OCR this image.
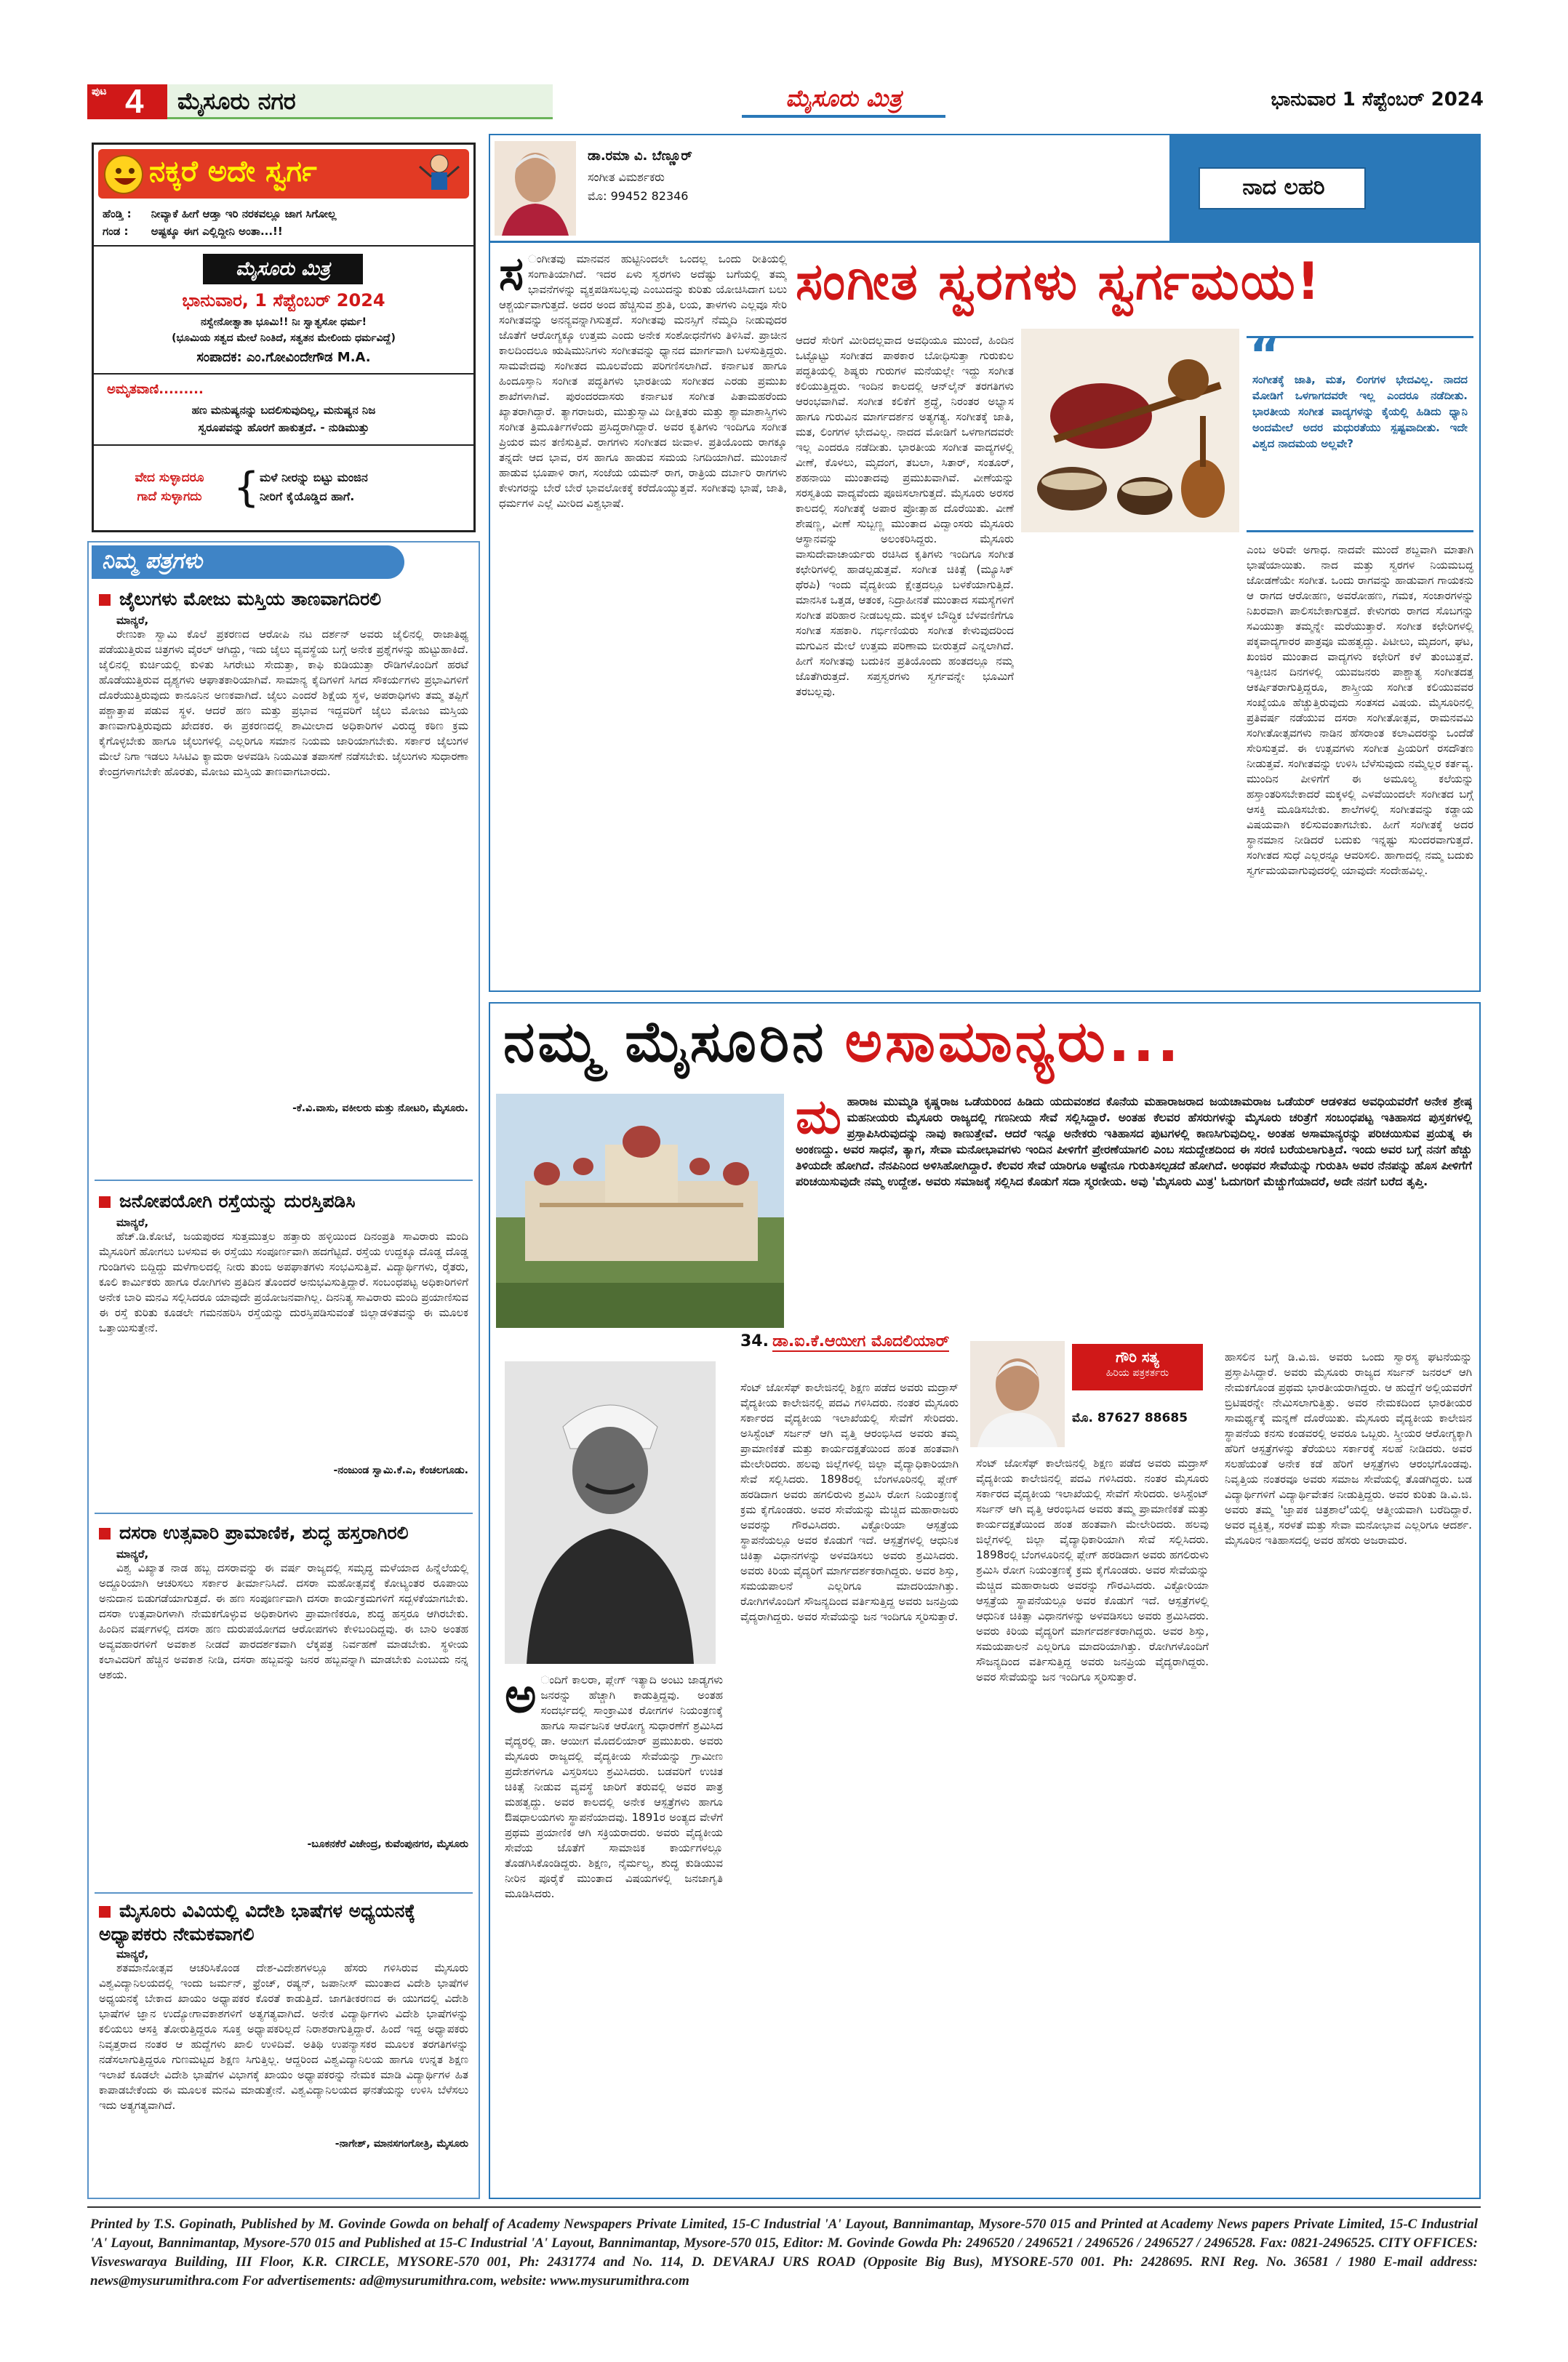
ಪುಟ 4 ಮೈಸೂರು ನಗರ	ಮೈಸೂರು ಮಿತ್ರ	ಭಾನುವಾರ 1 ಸೆಪ್ಟೆಂಬರ್ 2024
ನಕ್ಕರೆ ಅದೇ ಸ್ವರ್ಗ
ಹೆಂಡ್ತಿ : ನೀವ್ಯಾಕೆ ಹೀಗೆ ಆಡ್ತಾ ಇರಿ ನರಕವಲ್ಲೂ ಜಾಗ ಸಿಗೋಲ್ಲ
ಗಂಡ : ಅಷ್ಟಕ್ಕೂ ಈಗ ಎಲ್ಲಿದ್ದೀನಿ ಅಂತಾ...!!
ಮೈಸೂರು ಮಿತ್ರ
ಭಾನುವಾರ, 1 ಸೆಪ್ಟೆಂಬರ್ 2024
ನಸ್ವೇನೋತ್ವಾತಾ ಭೂಮಿ!! ನಿಃ ಸ್ವಾತ್ವಸೋ ಧರ್ಮ!
(ಭೂಮಿಯ ಸತ್ವದ ಮೇಲೆ ನಿಂತಿದೆ, ಸತ್ವತನ ಮೇಲಿಂದು ಧರ್ಮವಿದ್ದೆ)
ಸಂಪಾದಕ: ಎಂ.ಗೋವಿಂದೇಗೌಡ M.A.
ಅಮೃತವಾಣಿ.........
ಹಣ ಮನುಷ್ಯನನ್ನು ಬದಲಿಸುವುದಿಲ್ಲ, ಮನುಷ್ಯನ ನಿಜ
ಸ್ವರೂಪವನ್ನು ಹೊರಗೆ ಹಾಕುತ್ತದೆ. - ನುಡಿಮುತ್ತು
ವೇದ ಸುಳ್ಳಾದರೂ
ಗಾದೆ ಸುಳ್ಳಾಗದು { ಮಳೆ ನೀರನ್ನು ಬಿಟ್ಟು ಮಂಜಿನ
ನೀರಿಗೆ ಕೈಯೊಡ್ಡಿದ ಹಾಗೆ.
ನಿಮ್ಮ ಪತ್ರಗಳು
ಜೈಲುಗಳು ಮೋಜು ಮಸ್ತಿಯ ತಾಣವಾಗದಿರಲಿ
ಮಾನ್ಯರೆ,
ರೇಣುಕಾ ಸ್ವಾಮಿ ಕೊಲೆ ಪ್ರಕರಣದ ಆರೋಪಿ ನಟ ದರ್ಶನ್ ಅವರು ಜೈಲಿನಲ್ಲಿ ರಾಜಾತಿಥ್ಯ ಪಡೆಯುತ್ತಿರುವ ಚಿತ್ರಗಳು ವೈರಲ್ ಆಗಿದ್ದು, ಇದು ಜೈಲು ವ್ಯವಸ್ಥೆಯ ಬಗ್ಗೆ ಅನೇಕ ಪ್ರಶ್ನೆಗಳನ್ನು ಹುಟ್ಟುಹಾಕಿದೆ. ಜೈಲಿನಲ್ಲಿ ಕುರ್ಚಿಯಲ್ಲಿ ಕುಳಿತು ಸಿಗರೇಟು ಸೇದುತ್ತಾ, ಕಾಫಿ ಕುಡಿಯುತ್ತಾ ರೌಡಿಗಳೊಂದಿಗೆ ಹರಟೆ ಹೊಡೆಯುತ್ತಿರುವ ದೃಶ್ಯಗಳು ಆಘಾತಕಾರಿಯಾಗಿವೆ. ಸಾಮಾನ್ಯ ಕೈದಿಗಳಿಗೆ ಸಿಗದ ಸೌಕರ್ಯಗಳು ಪ್ರಭಾವಿಗಳಿಗೆ ದೊರೆಯುತ್ತಿರುವುದು ಕಾನೂನಿನ ಅಣಕವಾಗಿದೆ. ಜೈಲು ಎಂದರೆ ಶಿಕ್ಷೆಯ ಸ್ಥಳ, ಅಪರಾಧಿಗಳು ತಮ್ಮ ತಪ್ಪಿಗೆ ಪಶ್ಚಾತ್ತಾಪ ಪಡುವ ಸ್ಥಳ. ಆದರೆ ಹಣ ಮತ್ತು ಪ್ರಭಾವ ಇದ್ದವರಿಗೆ ಜೈಲು ಮೋಜು ಮಸ್ತಿಯ ತಾಣವಾಗುತ್ತಿರುವುದು ಖೇದಕರ. ಈ ಪ್ರಕರಣದಲ್ಲಿ ಶಾಮೀಲಾದ ಅಧಿಕಾರಿಗಳ ವಿರುದ್ಧ ಕಠಿಣ ಕ್ರಮ ಕೈಗೊಳ್ಳಬೇಕು ಹಾಗೂ ಜೈಲುಗಳಲ್ಲಿ ಎಲ್ಲರಿಗೂ ಸಮಾನ ನಿಯಮ ಜಾರಿಯಾಗಬೇಕು. ಸರ್ಕಾರ ಜೈಲುಗಳ ಮೇಲೆ ನಿಗಾ ಇಡಲು ಸಿಸಿಟಿವಿ ಕ್ಯಾಮರಾ ಅಳವಡಿಸಿ ನಿಯಮಿತ ತಪಾಸಣೆ ನಡೆಸಬೇಕು. ಜೈಲುಗಳು ಸುಧಾರಣಾ ಕೇಂದ್ರಗಳಾಗಬೇಕೇ ಹೊರತು, ಮೋಜು ಮಸ್ತಿಯ ತಾಣವಾಗಬಾರದು.
-ಕೆ.ವಿ.ವಾಸು, ವಕೀಲರು ಮತ್ತು ನೋಟರಿ, ಮೈಸೂರು.
ಜನೋಪಯೋಗಿ ರಸ್ತೆಯನ್ನು ದುರಸ್ತಿಪಡಿಸಿ
ಮಾನ್ಯರೆ,
ಹೆಚ್.ಡಿ.ಕೋಟೆ, ಜಯಪುರದ ಸುತ್ತಮುತ್ತಲ ಹತ್ತಾರು ಹಳ್ಳಿಯಿಂದ ದಿನಂಪ್ರತಿ ಸಾವಿರಾರು ಮಂದಿ ಮೈಸೂರಿಗೆ ಹೋಗಲು ಬಳಸುವ ಈ ರಸ್ತೆಯು ಸಂಪೂರ್ಣವಾಗಿ ಹದಗೆಟ್ಟಿದೆ. ರಸ್ತೆಯ ಉದ್ದಕ್ಕೂ ದೊಡ್ಡ ದೊಡ್ಡ ಗುಂಡಿಗಳು ಬಿದ್ದಿದ್ದು ಮಳೆಗಾಲದಲ್ಲಿ ನೀರು ತುಂಬಿ ಅಪಘಾತಗಳು ಸಂಭವಿಸುತ್ತಿವೆ. ವಿದ್ಯಾರ್ಥಿಗಳು, ರೈತರು, ಕೂಲಿ ಕಾರ್ಮಿಕರು ಹಾಗೂ ರೋಗಿಗಳು ಪ್ರತಿದಿನ ತೊಂದರೆ ಅನುಭವಿಸುತ್ತಿದ್ದಾರೆ. ಸಂಬಂಧಪಟ್ಟ ಅಧಿಕಾರಿಗಳಿಗೆ ಅನೇಕ ಬಾರಿ ಮನವಿ ಸಲ್ಲಿಸಿದರೂ ಯಾವುದೇ ಪ್ರಯೋಜನವಾಗಿಲ್ಲ. ದಿನನಿತ್ಯ ಸಾವಿರಾರು ಮಂದಿ ಪ್ರಯಾಣಿಸುವ ಈ ರಸ್ತೆ ಕುರಿತು ಕೂಡಲೇ ಗಮನಹರಿಸಿ ರಸ್ತೆಯನ್ನು ದುರಸ್ತಿಪಡಿಸುವಂತೆ ಜಿಲ್ಲಾಡಳಿತವನ್ನು ಈ ಮೂಲಕ ಒತ್ತಾಯಿಸುತ್ತೇನೆ.
-ನಂಜುಂಡ ಸ್ವಾಮಿ.ಕೆ.ಎ, ಕೆಂಚಲಗೂಡು.
ದಸರಾ ಉತ್ಸವಾರಿ ಪ್ರಾಮಾಣಿಕ, ಶುದ್ಧ ಹಸ್ತರಾಗಿರಲಿ
ಮಾನ್ಯರೆ,
ವಿಶ್ವ ವಿಖ್ಯಾತ ನಾಡ ಹಬ್ಬ ದಸರಾವನ್ನು ಈ ವರ್ಷ ರಾಜ್ಯದಲ್ಲಿ ಸಮೃದ್ಧ ಮಳೆಯಾದ ಹಿನ್ನೆಲೆಯಲ್ಲಿ ಅದ್ದೂರಿಯಾಗಿ ಆಚರಿಸಲು ಸರ್ಕಾರ ತೀರ್ಮಾನಿಸಿದೆ. ದಸರಾ ಮಹೋತ್ಸವಕ್ಕೆ ಕೋಟ್ಯಂತರ ರೂಪಾಯಿ ಅನುದಾನ ಬಿಡುಗಡೆಯಾಗುತ್ತದೆ. ಈ ಹಣ ಸಂಪೂರ್ಣವಾಗಿ ದಸರಾ ಕಾರ್ಯಕ್ರಮಗಳಿಗೆ ಸದ್ಬಳಕೆಯಾಗಬೇಕು. ದಸರಾ ಉತ್ಸವಾರಿಗಳಾಗಿ ನೇಮಕಗೊಳ್ಳುವ ಅಧಿಕಾರಿಗಳು ಪ್ರಾಮಾಣಿಕರೂ, ಶುದ್ಧ ಹಸ್ತರೂ ಆಗಿರಬೇಕು. ಹಿಂದಿನ ವರ್ಷಗಳಲ್ಲಿ ದಸರಾ ಹಣ ದುರುಪಯೋಗದ ಆರೋಪಗಳು ಕೇಳಿಬಂದಿದ್ದವು. ಈ ಬಾರಿ ಅಂತಹ ಅವ್ಯವಹಾರಗಳಿಗೆ ಅವಕಾಶ ನೀಡದೆ ಪಾರದರ್ಶಕವಾಗಿ ಲೆಕ್ಕಪತ್ರ ನಿರ್ವಹಣೆ ಮಾಡಬೇಕು. ಸ್ಥಳೀಯ ಕಲಾವಿದರಿಗೆ ಹೆಚ್ಚಿನ ಅವಕಾಶ ನೀಡಿ, ದಸರಾ ಹಬ್ಬವನ್ನು ಜನರ ಹಬ್ಬವನ್ನಾಗಿ ಮಾಡಬೇಕು ಎಂಬುದು ನನ್ನ ಆಶಯ.
-ಬೂಕನಕೆರೆ ವಿಜೇಂದ್ರ, ಕುವೆಂಪುನಗರ, ಮೈಸೂರು
ಮೈಸೂರು ವಿವಿಯಲ್ಲಿ ವಿದೇಶಿ ಭಾಷೆಗಳ ಅಧ್ಯಯನಕ್ಕೆ ಅಧ್ಯಾಪಕರು ನೇಮಕವಾಗಲಿ
ಮಾನ್ಯರೆ,
ಶತಮಾನೋತ್ಸವ ಆಚರಿಸಿಕೊಂಡ ದೇಶ-ವಿದೇಶಗಳಲ್ಲೂ ಹೆಸರು ಗಳಿಸಿರುವ ಮೈಸೂರು ವಿಶ್ವವಿದ್ಯಾನಿಲಯದಲ್ಲಿ ಇಂದು ಜರ್ಮನ್, ಫ್ರೆಂಚ್, ರಷ್ಯನ್, ಜಪಾನೀಸ್ ಮುಂತಾದ ವಿದೇಶಿ ಭಾಷೆಗಳ ಅಧ್ಯಯನಕ್ಕೆ ಬೇಕಾದ ಖಾಯಂ ಅಧ್ಯಾಪಕರ ಕೊರತೆ ಕಾಡುತ್ತಿದೆ. ಜಾಗತೀಕರಣದ ಈ ಯುಗದಲ್ಲಿ ವಿದೇಶಿ ಭಾಷೆಗಳ ಜ್ಞಾನ ಉದ್ಯೋಗಾವಕಾಶಗಳಿಗೆ ಅತ್ಯಗತ್ಯವಾಗಿದೆ. ಅನೇಕ ವಿದ್ಯಾರ್ಥಿಗಳು ವಿದೇಶಿ ಭಾಷೆಗಳನ್ನು ಕಲಿಯಲು ಆಸಕ್ತಿ ತೋರುತ್ತಿದ್ದರೂ ಸೂಕ್ತ ಅಧ್ಯಾಪಕರಿಲ್ಲದೆ ನಿರಾಶರಾಗುತ್ತಿದ್ದಾರೆ. ಹಿಂದೆ ಇದ್ದ ಅಧ್ಯಾಪಕರು ನಿವೃತ್ತರಾದ ನಂತರ ಆ ಹುದ್ದೆಗಳು ಖಾಲಿ ಉಳಿದಿವೆ. ಅತಿಥಿ ಉಪನ್ಯಾಸಕರ ಮೂಲಕ ತರಗತಿಗಳನ್ನು ನಡೆಸಲಾಗುತ್ತಿದ್ದರೂ ಗುಣಮಟ್ಟದ ಶಿಕ್ಷಣ ಸಿಗುತ್ತಿಲ್ಲ. ಆದ್ದರಿಂದ ವಿಶ್ವವಿದ್ಯಾನಿಲಯ ಹಾಗೂ ಉನ್ನತ ಶಿಕ್ಷಣ ಇಲಾಖೆ ಕೂಡಲೇ ವಿದೇಶಿ ಭಾಷೆಗಳ ವಿಭಾಗಕ್ಕೆ ಖಾಯಂ ಅಧ್ಯಾಪಕರನ್ನು ನೇಮಕ ಮಾಡಿ ವಿದ್ಯಾರ್ಥಿಗಳ ಹಿತ ಕಾಪಾಡಬೇಕೆಂದು ಈ ಮೂಲಕ ಮನವಿ ಮಾಡುತ್ತೇನೆ. ವಿಶ್ವವಿದ್ಯಾನಿಲಯದ ಘನತೆಯನ್ನು ಉಳಿಸಿ ಬೆಳೆಸಲು ಇದು ಅತ್ಯಗತ್ಯವಾಗಿದೆ.
-ನಾಗೇಶ್, ಮಾನಸಗಂಗೋತ್ರಿ, ಮೈಸೂರು
ಡಾ.ರಮಾ ವಿ. ಬೆಣ್ಣೂರ್
ಸಂಗೀತ ವಿಮರ್ಶಕರು
ಮೊ: 99452 82346	ನಾದ ಲಹರಿ
ಸಂಗೀತ ಸ್ವರಗಳು ಸ್ವರ್ಗಮಯ!
ಸ ಂಗೀತವು ಮಾನವನ ಹುಟ್ಟಿನಿಂದಲೇ ಒಂದಲ್ಲ ಒಂದು ರೀತಿಯಲ್ಲಿ ಸಂಗಾತಿಯಾಗಿದೆ. ಇದರ ಏಳು ಸ್ವರಗಳು ಅದೆಷ್ಟು ಬಗೆಯಲ್ಲಿ ತಮ್ಮ ಭಾವನೆಗಳನ್ನು ವ್ಯಕ್ತಪಡಿಸಬಲ್ಲವು ಎಂಬುದನ್ನು ಕುರಿತು ಯೋಚಿಸಿದಾಗ ಬಲು ಆಶ್ಚರ್ಯವಾಗುತ್ತದೆ. ಅದರ ಅಂದ ಹೆಚ್ಚಿಸುವ ಶ್ರುತಿ, ಲಯ, ತಾಳಗಳು ಎಲ್ಲವೂ ಸೇರಿ ಸಂಗೀತವನ್ನು ಅನನ್ಯವನ್ನಾಗಿಸುತ್ತದೆ. ಸಂಗೀತವು ಮನಸ್ಸಿಗೆ ನೆಮ್ಮದಿ ನೀಡುವುದರ ಜೊತೆಗೆ ಆರೋಗ್ಯಕ್ಕೂ ಉತ್ತಮ ಎಂದು ಅನೇಕ ಸಂಶೋಧನೆಗಳು ತಿಳಿಸಿವೆ. ಪ್ರಾಚೀನ ಕಾಲದಿಂದಲೂ ಋಷಿಮುನಿಗಳು ಸಂಗೀತವನ್ನು ಧ್ಯಾನದ ಮಾರ್ಗವಾಗಿ ಬಳಸುತ್ತಿದ್ದರು. ಸಾಮವೇದವು ಸಂಗೀತದ ಮೂಲವೆಂದು ಪರಿಗಣಿಸಲಾಗಿದೆ. ಕರ್ನಾಟಕ ಹಾಗೂ ಹಿಂದೂಸ್ತಾನಿ ಸಂಗೀತ ಪದ್ಧತಿಗಳು ಭಾರತೀಯ ಸಂಗೀತದ ಎರಡು ಪ್ರಮುಖ ಶಾಖೆಗಳಾಗಿವೆ. ಪುರಂದರದಾಸರು ಕರ್ನಾಟಕ ಸಂಗೀತ ಪಿತಾಮಹರೆಂದು ಖ್ಯಾತರಾಗಿದ್ದಾರೆ. ತ್ಯಾಗರಾಜರು, ಮುತ್ತುಸ್ವಾಮಿ ದೀಕ್ಷಿತರು ಮತ್ತು ಶ್ಯಾಮಾಶಾಸ್ತ್ರಿಗಳು ಸಂಗೀತ ತ್ರಿಮೂರ್ತಿಗಳೆಂದು ಪ್ರಸಿದ್ಧರಾಗಿದ್ದಾರೆ. ಅವರ ಕೃತಿಗಳು ಇಂದಿಗೂ ಸಂಗೀತ ಪ್ರಿಯರ ಮನ ತಣಿಸುತ್ತಿವೆ. ರಾಗಗಳು ಸಂಗೀತದ ಜೀವಾಳ. ಪ್ರತಿಯೊಂದು ರಾಗಕ್ಕೂ ತನ್ನದೇ ಆದ ಭಾವ, ರಸ ಹಾಗೂ ಹಾಡುವ ಸಮಯ ನಿಗದಿಯಾಗಿದೆ. ಮುಂಜಾನೆ ಹಾಡುವ ಭೂಪಾಳಿ ರಾಗ, ಸಂಜೆಯ ಯಮನ್ ರಾಗ, ರಾತ್ರಿಯ ದರ್ಬಾರಿ ರಾಗಗಳು ಕೇಳುಗರನ್ನು ಬೇರೆ ಬೇರೆ ಭಾವಲೋಕಕ್ಕೆ ಕರೆದೊಯ್ಯುತ್ತವೆ. ಸಂಗೀತವು ಭಾಷೆ, ಜಾತಿ, ಧರ್ಮಗಳ ಎಲ್ಲೆ ಮೀರಿದ ವಿಶ್ವಭಾಷೆ.
ಆದರೆ ಸೇರಿಗೆ ಮೀರಿದಲ್ಲವಾದ ಅವಧಿಯೂ ಮುಂದೆ, ಹಿಂದಿನ ಒಟ್ಟೊಟ್ಟು ಸಂಗೀತದ ಪಾಠಕಾರ ಬೋಧಿಸುತ್ತಾ ಗುರುಕುಲ ಪದ್ಧತಿಯಲ್ಲಿ ಶಿಷ್ಯರು ಗುರುಗಳ ಮನೆಯಲ್ಲೇ ಇದ್ದು ಸಂಗೀತ ಕಲಿಯುತ್ತಿದ್ದರು. ಇಂದಿನ ಕಾಲದಲ್ಲಿ ಆನ್‌ಲೈನ್ ತರಗತಿಗಳು ಆರಂಭವಾಗಿವೆ. ಸಂಗೀತ ಕಲಿಕೆಗೆ ಶ್ರದ್ಧೆ, ನಿರಂತರ ಅಭ್ಯಾಸ ಹಾಗೂ ಗುರುವಿನ ಮಾರ್ಗದರ್ಶನ ಅತ್ಯಗತ್ಯ. ಸಂಗೀತಕ್ಕೆ ಜಾತಿ, ಮತ, ಲಿಂಗಗಳ ಭೇದವಿಲ್ಲ. ನಾದದ ಮೋಡಿಗೆ ಒಳಗಾಗದವರೇ ಇಲ್ಲ ಎಂದರೂ ನಡೆದೀತು. ಭಾರತೀಯ ಸಂಗೀತ ವಾದ್ಯಗಳಲ್ಲಿ ವೀಣೆ, ಕೊಳಲು, ಮೃದಂಗ, ತಬಲಾ, ಸಿತಾರ್, ಸಂತೂರ್, ಶಹನಾಯಿ ಮುಂತಾದವು ಪ್ರಮುಖವಾಗಿವೆ. ವೀಣೆಯನ್ನು ಸರಸ್ವತಿಯ ವಾದ್ಯವೆಂದು ಪೂಜಿಸಲಾಗುತ್ತದೆ. ಮೈಸೂರು ಅರಸರ ಕಾಲದಲ್ಲಿ ಸಂಗೀತಕ್ಕೆ ಅಪಾರ ಪ್ರೋತ್ಸಾಹ ದೊರೆಯಿತು. ವೀಣೆ ಶೇಷಣ್ಣ, ವೀಣೆ ಸುಬ್ಬಣ್ಣ ಮುಂತಾದ ವಿದ್ವಾಂಸರು ಮೈಸೂರು ಆಸ್ಥಾನವನ್ನು ಅಲಂಕರಿಸಿದ್ದರು. ಮೈಸೂರು ವಾಸುದೇವಾಚಾರ್ಯರು ರಚಿಸಿದ ಕೃತಿಗಳು ಇಂದಿಗೂ ಸಂಗೀತ ಕಛೇರಿಗಳಲ್ಲಿ ಹಾಡಲ್ಪಡುತ್ತವೆ. ಸಂಗೀತ ಚಿಕಿತ್ಸೆ (ಮ್ಯೂಸಿಕ್ ಥೆರಪಿ) ಇಂದು ವೈದ್ಯಕೀಯ ಕ್ಷೇತ್ರದಲ್ಲೂ ಬಳಕೆಯಾಗುತ್ತಿದೆ. ಮಾನಸಿಕ ಒತ್ತಡ, ಆತಂಕ, ನಿದ್ರಾಹೀನತೆ ಮುಂತಾದ ಸಮಸ್ಯೆಗಳಿಗೆ ಸಂಗೀತ ಪರಿಹಾರ ನೀಡಬಲ್ಲದು. ಮಕ್ಕಳ ಬೌದ್ಧಿಕ ಬೆಳವಣಿಗೆಗೂ ಸಂಗೀತ ಸಹಕಾರಿ. ಗರ್ಭಿಣಿಯರು ಸಂಗೀತ ಕೇಳುವುದರಿಂದ ಮಗುವಿನ ಮೇಲೆ ಉತ್ತಮ ಪರಿಣಾಮ ಬೀರುತ್ತದೆ ಎನ್ನಲಾಗಿದೆ. ಹೀಗೆ ಸಂಗೀತವು ಬದುಕಿನ ಪ್ರತಿಯೊಂದು ಹಂತದಲ್ಲೂ ನಮ್ಮ ಜೊತೆಗಿರುತ್ತದೆ. ಸಪ್ತಸ್ವರಗಳು ಸ್ವರ್ಗವನ್ನೇ ಭೂಮಿಗೆ ತರಬಲ್ಲವು.
“
ಸಂಗೀತಕ್ಕೆ ಜಾತಿ, ಮತ, ಲಿಂಗಗಳ ಭೇದವಿಲ್ಲ. ನಾದದ ಮೋಡಿಗೆ ಒಳಗಾಗದವರೇ ಇಲ್ಲ ಎಂದರೂ ನಡೆದೀತು. ಭಾರತೀಯ ಸಂಗೀತ ವಾದ್ಯಗಳನ್ನು ಕೈಯಲ್ಲಿ ಹಿಡಿದು ಧ್ಯಾನಿ ಅಂದಮೇಲೆ ಅದರ ಮಧುರತೆಯು ಸ್ಪಷ್ಟವಾದೀತು. ಇದೇ ವಿಶ್ವದ ನಾದಮಯ ಅಲ್ಲವೇ?
ಎಂಬ ಅರಿವೇ ಅಗಾಧ. ನಾದವೇ ಮುಂದೆ ಶಬ್ದವಾಗಿ ಮಾತಾಗಿ ಭಾಷೆಯಾಯಿತು. ನಾದ ಮತ್ತು ಸ್ವರಗಳ ನಿಯಮಬದ್ಧ ಜೋಡಣೆಯೇ ಸಂಗೀತ. ಒಂದು ರಾಗವನ್ನು ಹಾಡುವಾಗ ಗಾಯಕನು ಆ ರಾಗದ ಆರೋಹಣ, ಅವರೋಹಣ, ಗಮಕ, ಸಂಚಾರಗಳನ್ನು ನಿಖರವಾಗಿ ಪಾಲಿಸಬೇಕಾಗುತ್ತದೆ. ಕೇಳುಗರು ರಾಗದ ಸೊಬಗನ್ನು ಸವಿಯುತ್ತಾ ತಮ್ಮನ್ನೇ ಮರೆಯುತ್ತಾರೆ. ಸಂಗೀತ ಕಛೇರಿಗಳಲ್ಲಿ ಪಕ್ಕವಾದ್ಯಗಾರರ ಪಾತ್ರವೂ ಮಹತ್ವದ್ದು. ಪಿಟೀಲು, ಮೃದಂಗ, ಘಟ, ಖಂಜಿರ ಮುಂತಾದ ವಾದ್ಯಗಳು ಕಛೇರಿಗೆ ಕಳೆ ತುಂಬುತ್ತವೆ. ಇತ್ತೀಚಿನ ದಿನಗಳಲ್ಲಿ ಯುವಜನರು ಪಾಶ್ಚಾತ್ಯ ಸಂಗೀತದತ್ತ ಆಕರ್ಷಿತರಾಗುತ್ತಿದ್ದರೂ, ಶಾಸ್ತ್ರೀಯ ಸಂಗೀತ ಕಲಿಯುವವರ ಸಂಖ್ಯೆಯೂ ಹೆಚ್ಚುತ್ತಿರುವುದು ಸಂತಸದ ವಿಷಯ. ಮೈಸೂರಿನಲ್ಲಿ ಪ್ರತಿವರ್ಷ ನಡೆಯುವ ದಸರಾ ಸಂಗೀತೋತ್ಸವ, ರಾಮನವಮಿ ಸಂಗೀತೋತ್ಸವಗಳು ನಾಡಿನ ಹೆಸರಾಂತ ಕಲಾವಿದರನ್ನು ಒಂದೆಡೆ ಸೇರಿಸುತ್ತವೆ. ಈ ಉತ್ಸವಗಳು ಸಂಗೀತ ಪ್ರಿಯರಿಗೆ ರಸದೌತಣ ನೀಡುತ್ತವೆ. ಸಂಗೀತವನ್ನು ಉಳಿಸಿ ಬೆಳೆಸುವುದು ನಮ್ಮೆಲ್ಲರ ಕರ್ತವ್ಯ. ಮುಂದಿನ ಪೀಳಿಗೆಗೆ ಈ ಅಮೂಲ್ಯ ಕಲೆಯನ್ನು ಹಸ್ತಾಂತರಿಸಬೇಕಾದರೆ ಮಕ್ಕಳಲ್ಲಿ ಎಳವೆಯಿಂದಲೇ ಸಂಗೀತದ ಬಗ್ಗೆ ಆಸಕ್ತಿ ಮೂಡಿಸಬೇಕು. ಶಾಲೆಗಳಲ್ಲಿ ಸಂಗೀತವನ್ನು ಕಡ್ಡಾಯ ವಿಷಯವಾಗಿ ಕಲಿಸುವಂತಾಗಬೇಕು. ಹೀಗೆ ಸಂಗೀತಕ್ಕೆ ಅದರ ಸ್ಥಾನಮಾನ ನೀಡಿದರೆ ಬದುಕು ಇನ್ನಷ್ಟು ಸುಂದರವಾಗುತ್ತದೆ. ಸಂಗೀತದ ಸುಧೆ ಎಲ್ಲರನ್ನೂ ಆವರಿಸಲಿ. ಹಾಗಾದಲ್ಲಿ ನಮ್ಮ ಬದುಕು ಸ್ವರ್ಗಮಯವಾಗುವುದರಲ್ಲಿ ಯಾವುದೇ ಸಂದೇಹವಿಲ್ಲ.
ನಮ್ಮ ಮೈಸೂರಿನ ಅಸಾಮಾನ್ಯರು...
ಮ ಹಾರಾಜ ಮುಮ್ಮಡಿ ಕೃಷ್ಣರಾಜ ಒಡೆಯರಿಂದ ಹಿಡಿದು ಯದುವಂಶದ ಕೊನೆಯ ಮಹಾರಾಜರಾದ ಜಯಚಾಮರಾಜ ಒಡೆಯರ್ ಆಡಳಿತದ ಅವಧಿಯವರೆಗೆ ಅನೇಕ ಶ್ರೇಷ್ಠ ಮಹನೀಯರು ಮೈಸೂರು ರಾಜ್ಯದಲ್ಲಿ ಗಣನೀಯ ಸೇವೆ ಸಲ್ಲಿಸಿದ್ದಾರೆ. ಅಂತಹ ಕೆಲವರ ಹೆಸರುಗಳನ್ನು ಮೈಸೂರು ಚರಿತ್ರೆಗೆ ಸಂಬಂಧಪಟ್ಟ ಇತಿಹಾಸದ ಪುಸ್ತಕಗಳಲ್ಲಿ ಪ್ರಸ್ತಾಪಿಸಿರುವುದನ್ನು ನಾವು ಕಾಣುತ್ತೇವೆ. ಆದರೆ ಇನ್ನೂ ಅನೇಕರು ಇತಿಹಾಸದ ಪುಟಗಳಲ್ಲಿ ಕಾಣಸಿಗುವುದಿಲ್ಲ. ಅಂತಹ ಅಸಾಮಾನ್ಯರನ್ನು ಪರಿಚಯಿಸುವ ಪ್ರಯತ್ನ ಈ ಅಂಕಣದ್ದು. ಅವರ ಸಾಧನೆ, ತ್ಯಾಗ, ಸೇವಾ ಮನೋಭಾವಗಳು ಇಂದಿನ ಪೀಳಿಗೆಗೆ ಪ್ರೇರಣೆಯಾಗಲಿ ಎಂಬ ಸದುದ್ದೇಶದಿಂದ ಈ ಸರಣಿ ಬರೆಯಲಾಗುತ್ತಿದೆ. ಇಂದು ಅವರ ಬಗ್ಗೆ ನನಗೆ ಹೆಚ್ಚು ತಿಳಿಯದೇ ಹೋಗಿದೆ. ನೆನಪಿನಿಂದ ಅಳಿಸಿಹೋಗಿದ್ದಾರೆ. ಕೆಲವರ ಸೇವೆ ಯಾರಿಗೂ ಅಷ್ಟೇನೂ ಗುರುತಿಸಲ್ಪಡದೆ ಹೋಗಿದೆ. ಅಂಥವರ ಸೇವೆಯನ್ನು ಗುರುತಿಸಿ ಅವರ ನೆನಪನ್ನು ಹೊಸ ಪೀಳಿಗೆಗೆ ಪರಿಚಯಿಸುವುದೇ ನಮ್ಮ ಉದ್ದೇಶ. ಅವರು ಸಮಾಜಕ್ಕೆ ಸಲ್ಲಿಸಿದ ಕೊಡುಗೆ ಸದಾ ಸ್ಮರಣೀಯ. ಅವು 'ಮೈಸೂರು ಮಿತ್ರ' ಓದುಗರಿಗೆ ಮೆಚ್ಚುಗೆಯಾದರೆ, ಅದೇ ನನಗೆ ಬರೆದ ತೃಪ್ತಿ.
34. ಡಾ.ಐ.ಕೆ.ಆಯೀಗ ಮೊದಲಿಯಾರ್
ಗೌರಿ ಸತ್ಯ
ಹಿರಿಯ ಪತ್ರಕರ್ತರು
ಮೊ. 87627 88685
ಅ ಂದಿಗೆ ಕಾಲರಾ, ಪ್ಲೇಗ್ ಇತ್ಯಾದಿ ಅಂಟು ಜಾಡ್ಯಗಳು ಜನರನ್ನು ಹೆಚ್ಚಾಗಿ ಕಾಡುತ್ತಿದ್ದವು. ಅಂತಹ ಸಂದರ್ಭದಲ್ಲಿ ಸಾಂಕ್ರಾಮಿಕ ರೋಗಗಳ ನಿಯಂತ್ರಣಕ್ಕೆ ಹಾಗೂ ಸಾರ್ವಜನಿಕ ಆರೋಗ್ಯ ಸುಧಾರಣೆಗೆ ಶ್ರಮಿಸಿದ ವೈದ್ಯರಲ್ಲಿ ಡಾ. ಆಯೀಗ ಮೊದಲಿಯಾರ್ ಪ್ರಮುಖರು. ಅವರು ಮೈಸೂರು ರಾಜ್ಯದಲ್ಲಿ ವೈದ್ಯಕೀಯ ಸೇವೆಯನ್ನು ಗ್ರಾಮೀಣ ಪ್ರದೇಶಗಳಿಗೂ ವಿಸ್ತರಿಸಲು ಶ್ರಮಿಸಿದರು. ಬಡವರಿಗೆ ಉಚಿತ ಚಿಕಿತ್ಸೆ ನೀಡುವ ವ್ಯವಸ್ಥೆ ಜಾರಿಗೆ ತರುವಲ್ಲಿ ಅವರ ಪಾತ್ರ ಮಹತ್ವದ್ದು. ಅವರ ಕಾಲದಲ್ಲಿ ಅನೇಕ ಆಸ್ಪತ್ರೆಗಳು ಹಾಗೂ ಔಷಧಾಲಯಗಳು ಸ್ಥಾಪನೆಯಾದವು. 1891ರ ಅಂತ್ಯದ ವೇಳೆಗೆ ಪ್ರಥಮ ಪ್ರಯಾಣಿಕ ಆಗಿ ಸಕ್ರಿಯರಾದರು. ಅವರು ವೈದ್ಯಕೀಯ ಸೇವೆಯ ಜೊತೆಗೆ ಸಾಮಾಜಿಕ ಕಾರ್ಯಗಳಲ್ಲೂ ತೊಡಗಿಸಿಕೊಂಡಿದ್ದರು. ಶಿಕ್ಷಣ, ನೈರ್ಮಲ್ಯ, ಶುದ್ಧ ಕುಡಿಯುವ ನೀರಿನ ಪೂರೈಕೆ ಮುಂತಾದ ವಿಷಯಗಳಲ್ಲಿ ಜನಜಾಗೃತಿ ಮೂಡಿಸಿದರು.
ಸೆಂಟ್ ಜೋಸೆಫ್ ಕಾಲೇಜಿನಲ್ಲಿ ಶಿಕ್ಷಣ ಪಡೆದ ಅವರು ಮದ್ರಾಸ್ ವೈದ್ಯಕೀಯ ಕಾಲೇಜಿನಲ್ಲಿ ಪದವಿ ಗಳಿಸಿದರು. ನಂತರ ಮೈಸೂರು ಸರ್ಕಾರದ ವೈದ್ಯಕೀಯ ಇಲಾಖೆಯಲ್ಲಿ ಸೇವೆಗೆ ಸೇರಿದರು. ಅಸಿಸ್ಟೆಂಟ್ ಸರ್ಜನ್ ಆಗಿ ವೃತ್ತಿ ಆರಂಭಿಸಿದ ಅವರು ತಮ್ಮ ಪ್ರಾಮಾಣಿಕತೆ ಮತ್ತು ಕಾರ್ಯದಕ್ಷತೆಯಿಂದ ಹಂತ ಹಂತವಾಗಿ ಮೇಲೇರಿದರು. ಹಲವು ಜಿಲ್ಲೆಗಳಲ್ಲಿ ಜಿಲ್ಲಾ ವೈದ್ಯಾಧಿಕಾರಿಯಾಗಿ ಸೇವೆ ಸಲ್ಲಿಸಿದರು. 1898ರಲ್ಲಿ ಬೆಂಗಳೂರಿನಲ್ಲಿ ಪ್ಲೇಗ್ ಹರಡಿದಾಗ ಅವರು ಹಗಲಿರುಳು ಶ್ರಮಿಸಿ ರೋಗ ನಿಯಂತ್ರಣಕ್ಕೆ ಕ್ರಮ ಕೈಗೊಂಡರು. ಅವರ ಸೇವೆಯನ್ನು ಮೆಚ್ಚಿದ ಮಹಾರಾಜರು ಅವರನ್ನು ಗೌರವಿಸಿದರು. ವಿಕ್ಟೋರಿಯಾ ಆಸ್ಪತ್ರೆಯ ಸ್ಥಾಪನೆಯಲ್ಲೂ ಅವರ ಕೊಡುಗೆ ಇದೆ. ಆಸ್ಪತ್ರೆಗಳಲ್ಲಿ ಆಧುನಿಕ ಚಿಕಿತ್ಸಾ ವಿಧಾನಗಳನ್ನು ಅಳವಡಿಸಲು ಅವರು ಶ್ರಮಿಸಿದರು. ಅವರು ಕಿರಿಯ ವೈದ್ಯರಿಗೆ ಮಾರ್ಗದರ್ಶಕರಾಗಿದ್ದರು. ಅವರ ಶಿಸ್ತು, ಸಮಯಪಾಲನೆ ಎಲ್ಲರಿಗೂ ಮಾದರಿಯಾಗಿತ್ತು. ರೋಗಿಗಳೊಂದಿಗೆ ಸೌಜನ್ಯದಿಂದ ವರ್ತಿಸುತ್ತಿದ್ದ ಅವರು ಜನಪ್ರಿಯ ವೈದ್ಯರಾಗಿದ್ದರು. ಅವರ ಸೇವೆಯನ್ನು ಜನ ಇಂದಿಗೂ ಸ್ಮರಿಸುತ್ತಾರೆ.
ಸೆಂಟ್ ಜೋಸೆಫ್ ಕಾಲೇಜಿನಲ್ಲಿ ಶಿಕ್ಷಣ ಪಡೆದ ಅವರು ಮದ್ರಾಸ್ ವೈದ್ಯಕೀಯ ಕಾಲೇಜಿನಲ್ಲಿ ಪದವಿ ಗಳಿಸಿದರು. ನಂತರ ಮೈಸೂರು ಸರ್ಕಾರದ ವೈದ್ಯಕೀಯ ಇಲಾಖೆಯಲ್ಲಿ ಸೇವೆಗೆ ಸೇರಿದರು. ಅಸಿಸ್ಟೆಂಟ್ ಸರ್ಜನ್ ಆಗಿ ವೃತ್ತಿ ಆರಂಭಿಸಿದ ಅವರು ತಮ್ಮ ಪ್ರಾಮಾಣಿಕತೆ ಮತ್ತು ಕಾರ್ಯದಕ್ಷತೆಯಿಂದ ಹಂತ ಹಂತವಾಗಿ ಮೇಲೇರಿದರು. ಹಲವು ಜಿಲ್ಲೆಗಳಲ್ಲಿ ಜಿಲ್ಲಾ ವೈದ್ಯಾಧಿಕಾರಿಯಾಗಿ ಸೇವೆ ಸಲ್ಲಿಸಿದರು. 1898ರಲ್ಲಿ ಬೆಂಗಳೂರಿನಲ್ಲಿ ಪ್ಲೇಗ್ ಹರಡಿದಾಗ ಅವರು ಹಗಲಿರುಳು ಶ್ರಮಿಸಿ ರೋಗ ನಿಯಂತ್ರಣಕ್ಕೆ ಕ್ರಮ ಕೈಗೊಂಡರು. ಅವರ ಸೇವೆಯನ್ನು ಮೆಚ್ಚಿದ ಮಹಾರಾಜರು ಅವರನ್ನು ಗೌರವಿಸಿದರು. ವಿಕ್ಟೋರಿಯಾ ಆಸ್ಪತ್ರೆಯ ಸ್ಥಾಪನೆಯಲ್ಲೂ ಅವರ ಕೊಡುಗೆ ಇದೆ. ಆಸ್ಪತ್ರೆಗಳಲ್ಲಿ ಆಧುನಿಕ ಚಿಕಿತ್ಸಾ ವಿಧಾನಗಳನ್ನು ಅಳವಡಿಸಲು ಅವರು ಶ್ರಮಿಸಿದರು. ಅವರು ಕಿರಿಯ ವೈದ್ಯರಿಗೆ ಮಾರ್ಗದರ್ಶಕರಾಗಿದ್ದರು. ಅವರ ಶಿಸ್ತು, ಸಮಯಪಾಲನೆ ಎಲ್ಲರಿಗೂ ಮಾದರಿಯಾಗಿತ್ತು. ರೋಗಿಗಳೊಂದಿಗೆ ಸೌಜನ್ಯದಿಂದ ವರ್ತಿಸುತ್ತಿದ್ದ ಅವರು ಜನಪ್ರಿಯ ವೈದ್ಯರಾಗಿದ್ದರು. ಅವರ ಸೇವೆಯನ್ನು ಜನ ಇಂದಿಗೂ ಸ್ಮರಿಸುತ್ತಾರೆ.
ಹಾಸಲಿನ ಬಗ್ಗೆ ಡಿ.ವಿ.ಜಿ. ಅವರು ಒಂದು ಸ್ವಾರಸ್ಯ ಘಟನೆಯನ್ನು ಪ್ರಸ್ತಾಪಿಸಿದ್ದಾರೆ. ಅವರು ಮೈಸೂರು ರಾಜ್ಯದ ಸರ್ಜನ್ ಜನರಲ್ ಆಗಿ ನೇಮಕಗೊಂಡ ಪ್ರಥಮ ಭಾರತೀಯರಾಗಿದ್ದರು. ಆ ಹುದ್ದೆಗೆ ಅಲ್ಲಿಯವರೆಗೆ ಬ್ರಿಟಿಷರನ್ನೇ ನೇಮಿಸಲಾಗುತ್ತಿತ್ತು. ಅವರ ನೇಮಕದಿಂದ ಭಾರತೀಯರ ಸಾಮರ್ಥ್ಯಕ್ಕೆ ಮನ್ನಣೆ ದೊರೆಯಿತು. ಮೈಸೂರು ವೈದ್ಯಕೀಯ ಕಾಲೇಜಿನ ಸ್ಥಾಪನೆಯ ಕನಸು ಕಂಡವರಲ್ಲಿ ಅವರೂ ಒಬ್ಬರು. ಸ್ತ್ರೀಯರ ಆರೋಗ್ಯಕ್ಕಾಗಿ ಹೆರಿಗೆ ಆಸ್ಪತ್ರೆಗಳನ್ನು ತೆರೆಯಲು ಸರ್ಕಾರಕ್ಕೆ ಸಲಹೆ ನೀಡಿದರು. ಅವರ ಸಲಹೆಯಂತೆ ಅನೇಕ ಕಡೆ ಹೆರಿಗೆ ಆಸ್ಪತ್ರೆಗಳು ಆರಂಭಗೊಂಡವು. ನಿವೃತ್ತಿಯ ನಂತರವೂ ಅವರು ಸಮಾಜ ಸೇವೆಯಲ್ಲಿ ತೊಡಗಿದ್ದರು. ಬಡ ವಿದ್ಯಾರ್ಥಿಗಳಿಗೆ ವಿದ್ಯಾರ್ಥಿವೇತನ ನೀಡುತ್ತಿದ್ದರು. ಅವರ ಕುರಿತು ಡಿ.ವಿ.ಜಿ. ಅವರು ತಮ್ಮ 'ಜ್ಞಾಪಕ ಚಿತ್ರಶಾಲೆ'ಯಲ್ಲಿ ಆತ್ಮೀಯವಾಗಿ ಬರೆದಿದ್ದಾರೆ. ಅವರ ವ್ಯಕ್ತಿತ್ವ, ಸರಳತೆ ಮತ್ತು ಸೇವಾ ಮನೋಭಾವ ಎಲ್ಲರಿಗೂ ಆದರ್ಶ. ಮೈಸೂರಿನ ಇತಿಹಾಸದಲ್ಲಿ ಅವರ ಹೆಸರು ಅಜರಾಮರ.
Printed by T.S. Gopinath, Published by M. Govinde Gowda on behalf of Academy Newspapers Private Limited, 15-C Industrial 'A' Layout, Bannimantap, Mysore-570 015 and Printed at Academy News papers Private Limited, 15-C Industrial 'A' Layout, Bannimantap, Mysore-570 015 and Published at 15-C Industrial 'A' Layout, Bannimantap, Mysore-570 015, Editor: M. Govinde Gowda Ph: 2496520 / 2496521 / 2496526 / 2496527 / 2496528. Fax: 0821-2496525. CITY OFFICES: Visveswaraya Building, III Floor, K.R. CIRCLE, MYSORE-570 001, Ph: 2431774 and No. 114, D. DEVARAJ URS ROAD (Opposite Big Bus), MYSORE-570 001. Ph: 2428695. RNI Reg. No. 36581 / 1980 E-mail address: news@mysurumithra.com For advertisements: ad@mysurumithra.com, website: www.mysurumithra.com
